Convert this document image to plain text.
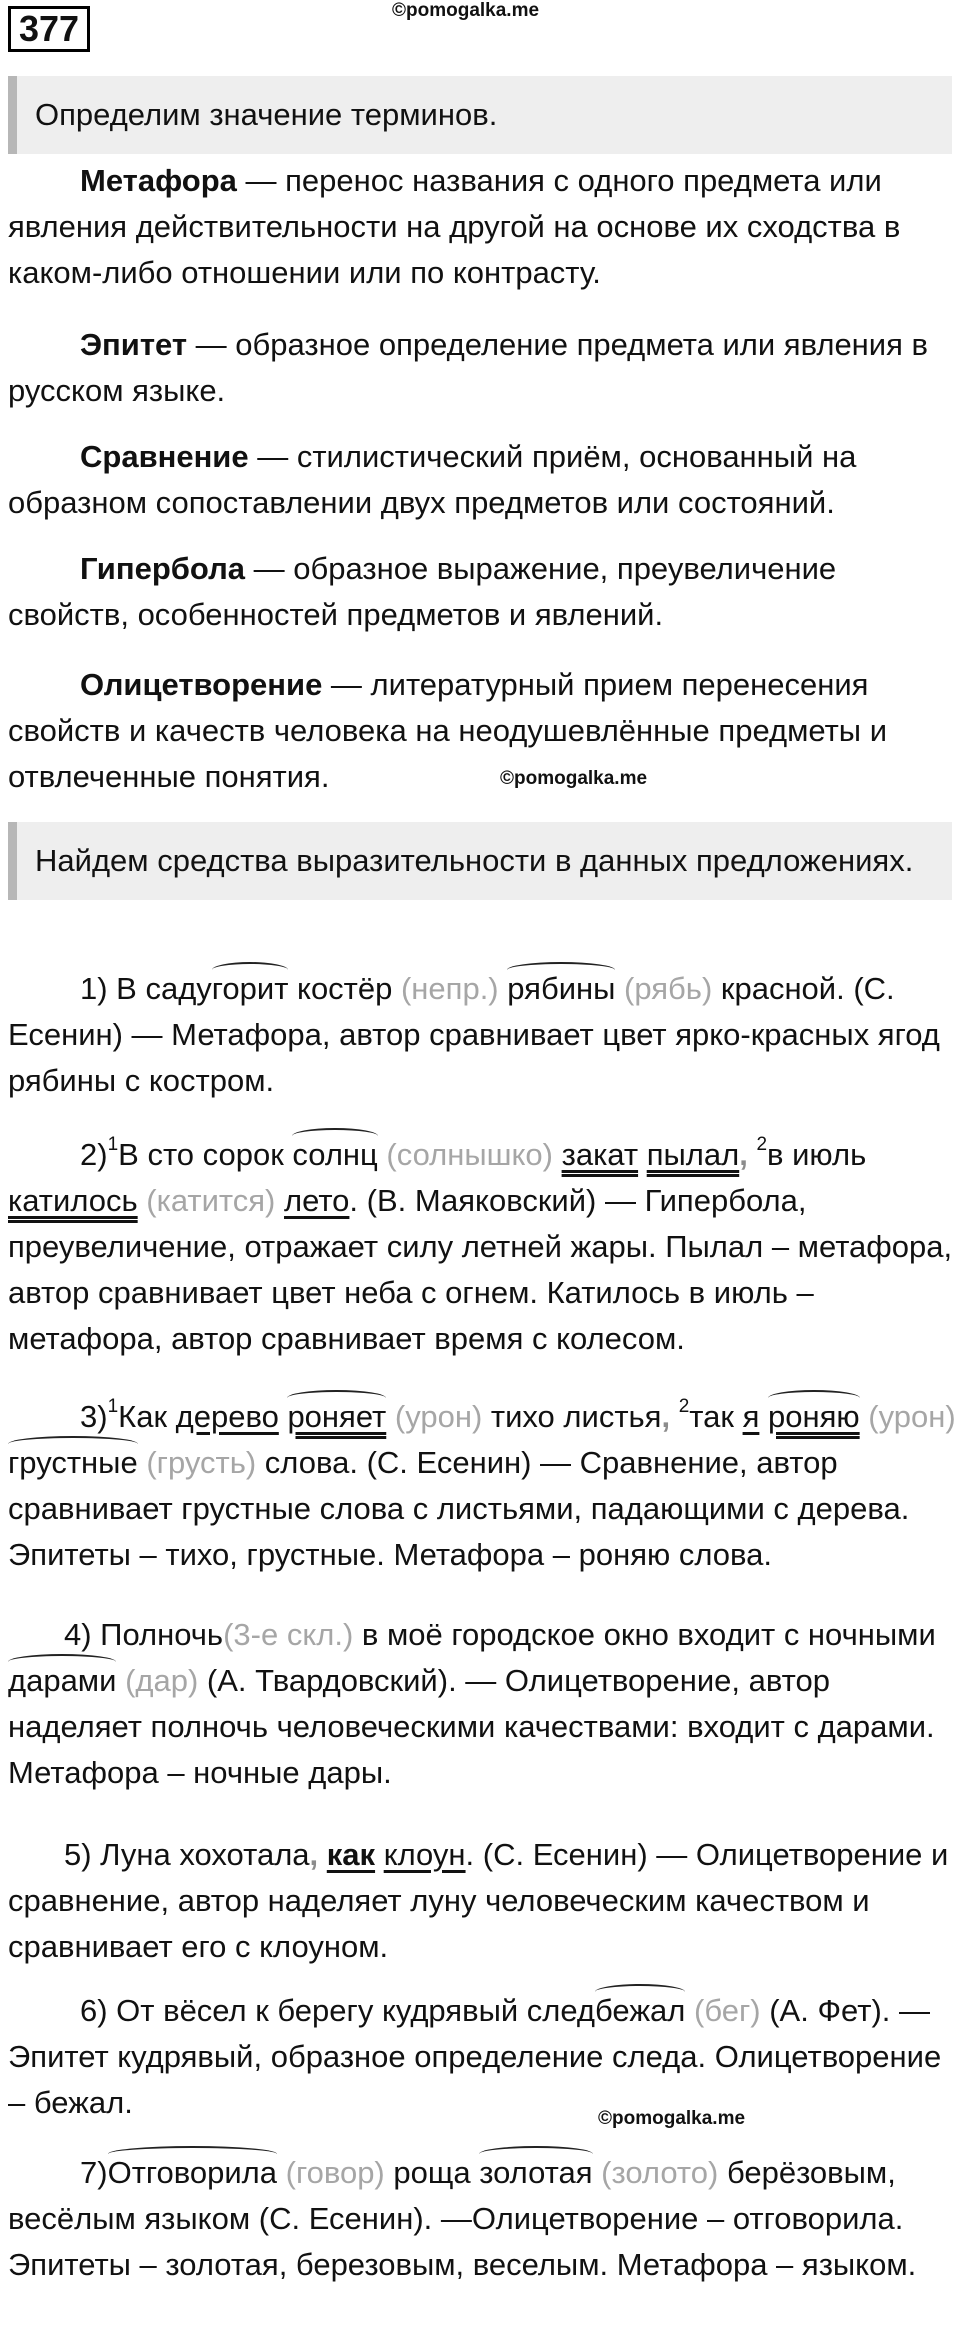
377	©pomogalka.me
Определим значение терминов.
Метафора — перенос названия с одного предмета или явления действительности на другой на основе их сходства в каком-либо отношении или по контрасту.
Эпитет — образное определение предмета или явления в русском языке.
Сравнение — стилистический приём, основанный на образном сопоставлении двух предметов или состояний.
Гипербола — образное выражение, преувеличение свойств, особенностей предметов и явлений.
Олицетворение — литературный прием перенесения свойств и качеств человека на неодушевлённые предметы и отвлеченные понятия.	©pomogalka.me
Найдем средства выразительности в данных предложениях.
1) В садугорит костёр (непр.) рябины (рябь) красной. (С. Есенин) — Метафора, автор сравнивает цвет ярко-красных ягод рябины с костром.
2)$^1$В сто сорок солнц (солнышко) закат пылал, $^2$в июль катилось (катится) лето. (В. Маяковский) — Гипербола, преувеличение, отражает силу летней жары. Пылал – метафора, автор сравнивает цвет неба с огнем. Катилось в июль – метафора, автор сравнивает время с колесом.
3)$^1$Как дерево роняет (урон) тихо листья, $^2$так я роняю (урон) грустные (грусть) слова. (С. Есенин) — Сравнение, автор сравнивает грустные слова с листьями, падающими с дерева. Эпитеты – тихо, грустные. Метафора – роняю слова.
4) Полночь(3-е скл.) в моё городское окно входит с ночными дарами (дар) (А. Твардовский). — Олицетворение, автор наделяет полночь человеческими качествами: входит с дарами. Метафора – ночные дары.
5) Луна хохотала, как клоун. (С. Есенин) — Олицетворение и сравнение, автор наделяет луну человеческим качеством и сравнивает его с клоуном.
6) От вёсел к берегу кудрявый следбежал (бег) (А. Фет). — Эпитет кудрявый, образное определение следа. Олицетворение – бежал.	©pomogalka.me
7)Отговорила (говор) роща золотая (золото) берёзовым, весёлым языком (С. Есенин). —Олицетворение – отговорила. Эпитеты – золотая, березовым, веселым. Метафора – языком.
